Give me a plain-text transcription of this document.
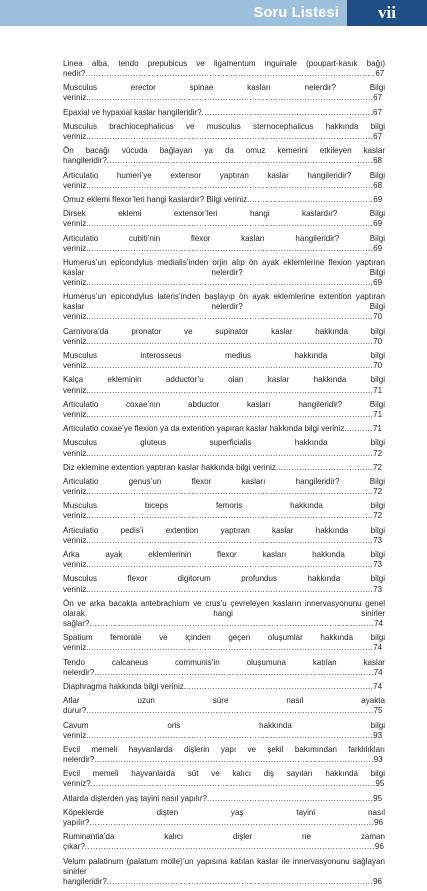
Soru Listesi	vii
Linea alba, tendo prepubicus ve ligamentum inguinale (poupart-kasık bağı) nedir?..............................................................................................................67
Musculus erector spinae kasları nelerdir? Bilgi veriniz.............................................................................................................67
Epaxial ve hypaxial kaslar hangileridir?.................................................................67
Musculus brachiocephalicus ve musculus sternocephalicus hakkında bilgi veriniz.............................................................................................................67
Ön bacağı vücuda bağlayan ya da omuz kemerini etkileyen kaslar hangileridir?.....................................................................................................68
Articulatio humeri’ye extensor yaptıran kaslar hangileridir? Bilgi veriniz.............................................................................................................68
Omuz eklemi flexor’leri hangi kaslardır? Bilgi veriniz................................................69
Dirsek eklemi extensor’leri hangi kaslardır? Bilgi veriniz.............................................................................................................69
Articulatio cubiti’nin flexor kasları hangileridir? Bilgi veriniz.............................................................................................................69
Humerus’un epicondylus medialis’inden orjin alıp ön ayak eklemlerine flexion yaptıran kaslar nelerdir? Bilgi veriniz.............................................................................................................69
Humerus’un epicondylus lateris’inden başlayıp ön ayak eklemlerine extention yaptıran kaslar nelerdir? Bilgi veriniz.............................................................................................................70
Carnivora’da pronator ve supinator kaslar hakkında bilgi veriniz.............................................................................................................70
Musculus interosseus medius hakkında bilgi veriniz.............................................................................................................70
Kalça ekleminin adductor’u olan kaslar hakkında bilgi veriniz.............................................................................................................71
Articulatio coxae’nın abductor kasları hangileridir? Bilgi veriniz.............................................................................................................71
Articulatio coxae’ye flexion ya da extention yapıran kaslar hakkında bilgi veriniz...........71
Musculus gluteus superficialis hakkında bilgi veriniz.............................................................................................................72
Diz eklemine extention yaptıran kaslar hakkında bilgi veriniz.....................................72
Articulatio genus’un flexor kasları hangileridir? Bilgi veriniz.............................................................................................................72
Musculus biceps femoris hakkında bilgi veriniz.............................................................................................................72
Articulatio pedis’i extention yaptıran kaslar hakkında bilgi veriniz.............................................................................................................73
Arka ayak eklemlerinin flexor kasları hakkında bilgi veriniz.............................................................................................................73
Musculus flexor digitorum profundus hakkında bilgi veriniz.............................................................................................................73
Ön ve arka bacakta antebrachium ve crus’u çevreleyen kasların innervasyonunu genel olarak hangi sinirler sağlar?............................................................................................................74
Spatium femorale ve içinden geçen oluşumlar hakkında bilgi veriniz.............................................................................................................74
Tendo calcaneus communis’in oluşumuna katılan kaslar nelerdir?..........................................................................................................74
Diaphragma hakkında bilgi veriniz........................................................................74
Atlar uzun süre nasıl ayakta durur?.............................................................................................................75
Cavum oris hakkında bilgi veriniz.............................................................................................................93
Evcil memeli hayvanlarda dişlerin yapı ve şekil bakımından farklılıkları nelerdir?..........................................................................................................93
Evcil memeli hayvanlarda süt ve kalıcı diş sayıları hakkında bilgi veriniz?............................................................................................................95
Atlarda dişlerden yaş tayini nasıl yapılır?...............................................................95
Köpeklerde dişten yaş tayini nasıl yapılır?............................................................................................................96
Ruminantia’da kalıcı dişler ne zaman çıkar?..............................................................................................................96
Velum palatinum (palatum molle)’un yapısına katılan kaslar ile innervasyonunu sağlayan sinirler hangileridir?.....................................................................................................96
